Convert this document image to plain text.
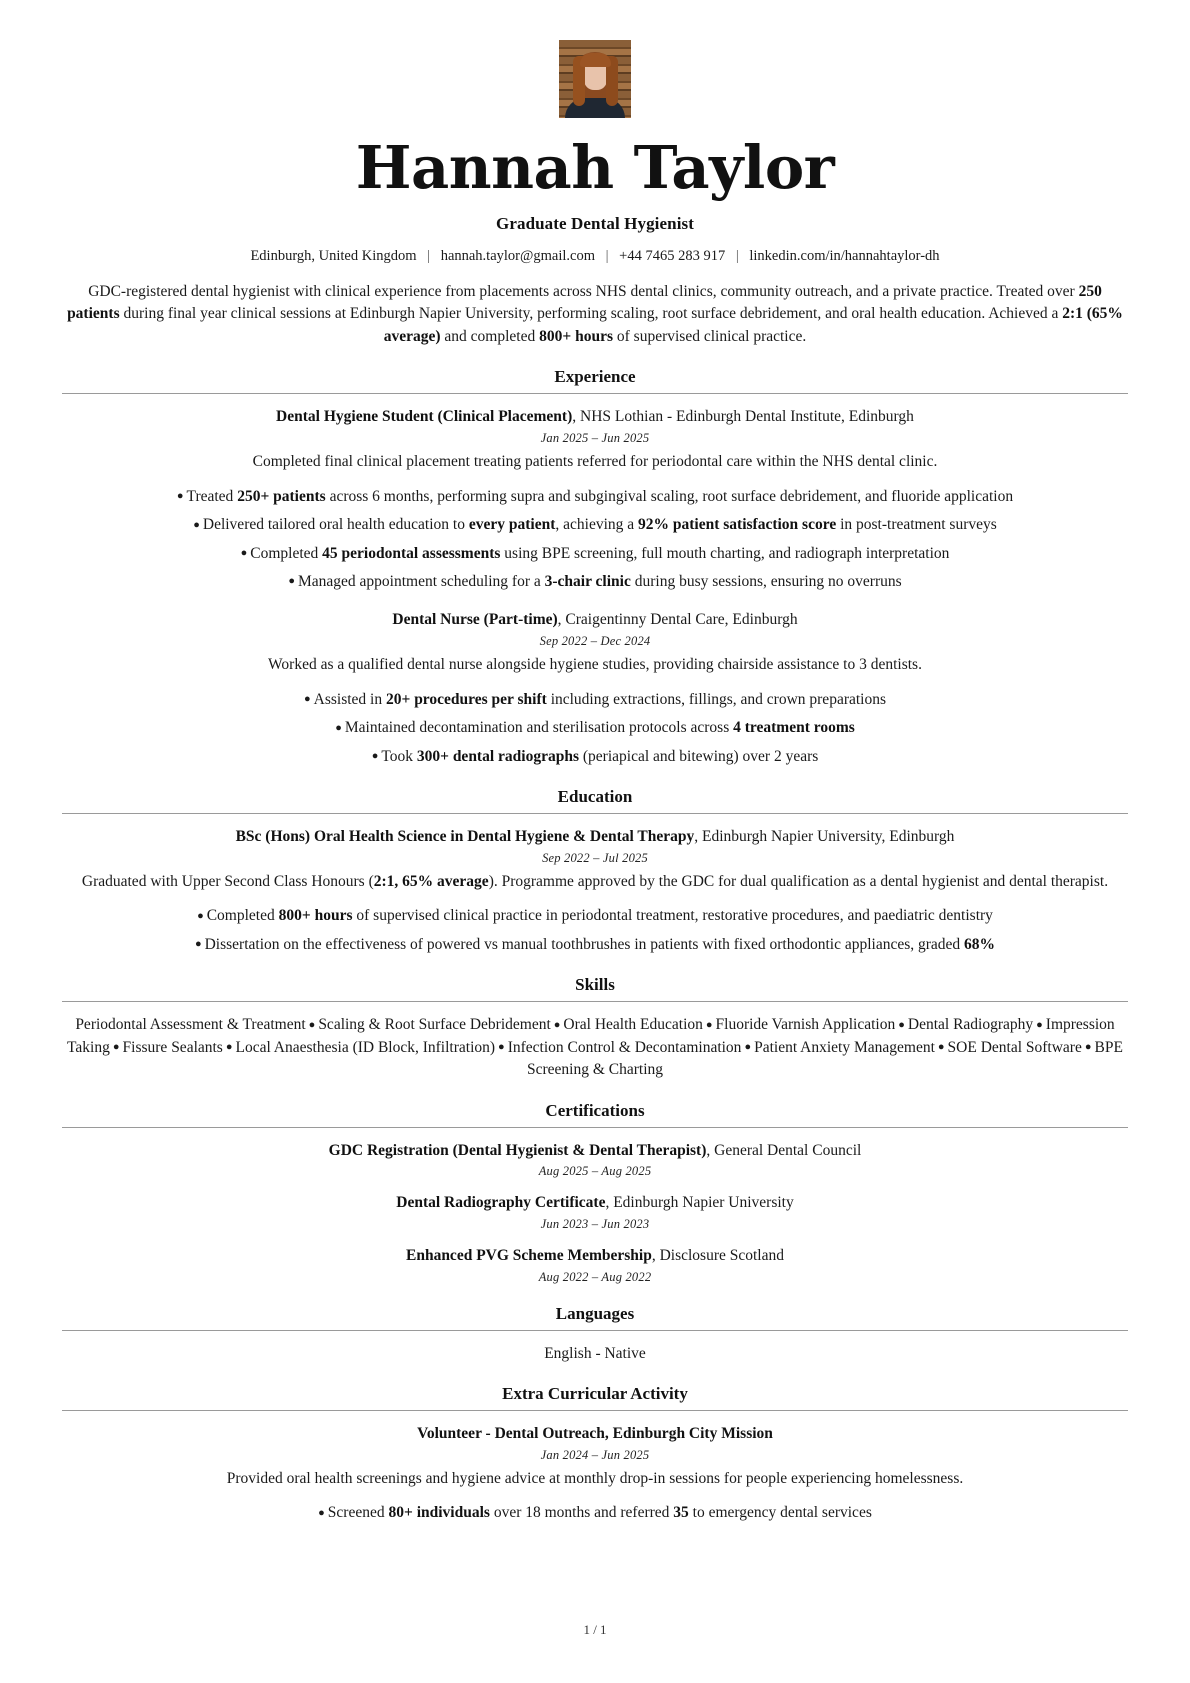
Hannah Taylor
Graduate Dental Hygienist
Edinburgh, United Kingdom | hannah.taylor@gmail.com | +44 7465 283 917 | linkedin.com/in/hannahtaylor-dh

GDC-registered dental hygienist with clinical experience from placements across NHS dental clinics, community outreach, and a private practice. Treated over 250 patients during final year clinical sessions at Edinburgh Napier University, performing scaling, root surface debridement, and oral health education. Achieved a 2:1 (65% average) and completed 800+ hours of supervised clinical practice.

Experience
Dental Hygiene Student (Clinical Placement), NHS Lothian - Edinburgh Dental Institute, Edinburgh
Jan 2025 – Jun 2025
Completed final clinical placement treating patients referred for periodontal care within the NHS dental clinic.
● Treated 250+ patients across 6 months, performing supra and subgingival scaling, root surface debridement, and fluoride application
● Delivered tailored oral health education to every patient, achieving a 92% patient satisfaction score in post-treatment surveys
● Completed 45 periodontal assessments using BPE screening, full mouth charting, and radiograph interpretation
● Managed appointment scheduling for a 3-chair clinic during busy sessions, ensuring no overruns
Dental Nurse (Part-time), Craigentinny Dental Care, Edinburgh
Sep 2022 – Dec 2024
Worked as a qualified dental nurse alongside hygiene studies, providing chairside assistance to 3 dentists.
● Assisted in 20+ procedures per shift including extractions, fillings, and crown preparations
● Maintained decontamination and sterilisation protocols across 4 treatment rooms
● Took 300+ dental radiographs (periapical and bitewing) over 2 years
Education
BSc (Hons) Oral Health Science in Dental Hygiene & Dental Therapy, Edinburgh Napier University, Edinburgh
Sep 2022 – Jul 2025
Graduated with Upper Second Class Honours (2:1, 65% average). Programme approved by the GDC for dual qualification as a dental hygienist and dental therapist.
● Completed 800+ hours of supervised clinical practice in periodontal treatment, restorative procedures, and paediatric dentistry
● Dissertation on the effectiveness of powered vs manual toothbrushes in patients with fixed orthodontic appliances, graded 68%
Skills
Periodontal Assessment & Treatment ● Scaling & Root Surface Debridement ● Oral Health Education ● Fluoride Varnish Application ● Dental Radiography ● Impression Taking ● Fissure Sealants ● Local Anaesthesia (ID Block, Infiltration) ● Infection Control & Decontamination ● Patient Anxiety Management ● SOE Dental Software ● BPE Screening & Charting
Certifications
GDC Registration (Dental Hygienist & Dental Therapist), General Dental Council
Aug 2025 – Aug 2025
Dental Radiography Certificate, Edinburgh Napier University
Jun 2023 – Jun 2023
Enhanced PVG Scheme Membership, Disclosure Scotland
Aug 2022 – Aug 2022
Languages
English - Native
Extra Curricular Activity
Volunteer - Dental Outreach, Edinburgh City Mission
Jan 2024 – Jun 2025
Provided oral health screenings and hygiene advice at monthly drop-in sessions for people experiencing homelessness.
● Screened 80+ individuals over 18 months and referred 35 to emergency dental services
1 / 1
